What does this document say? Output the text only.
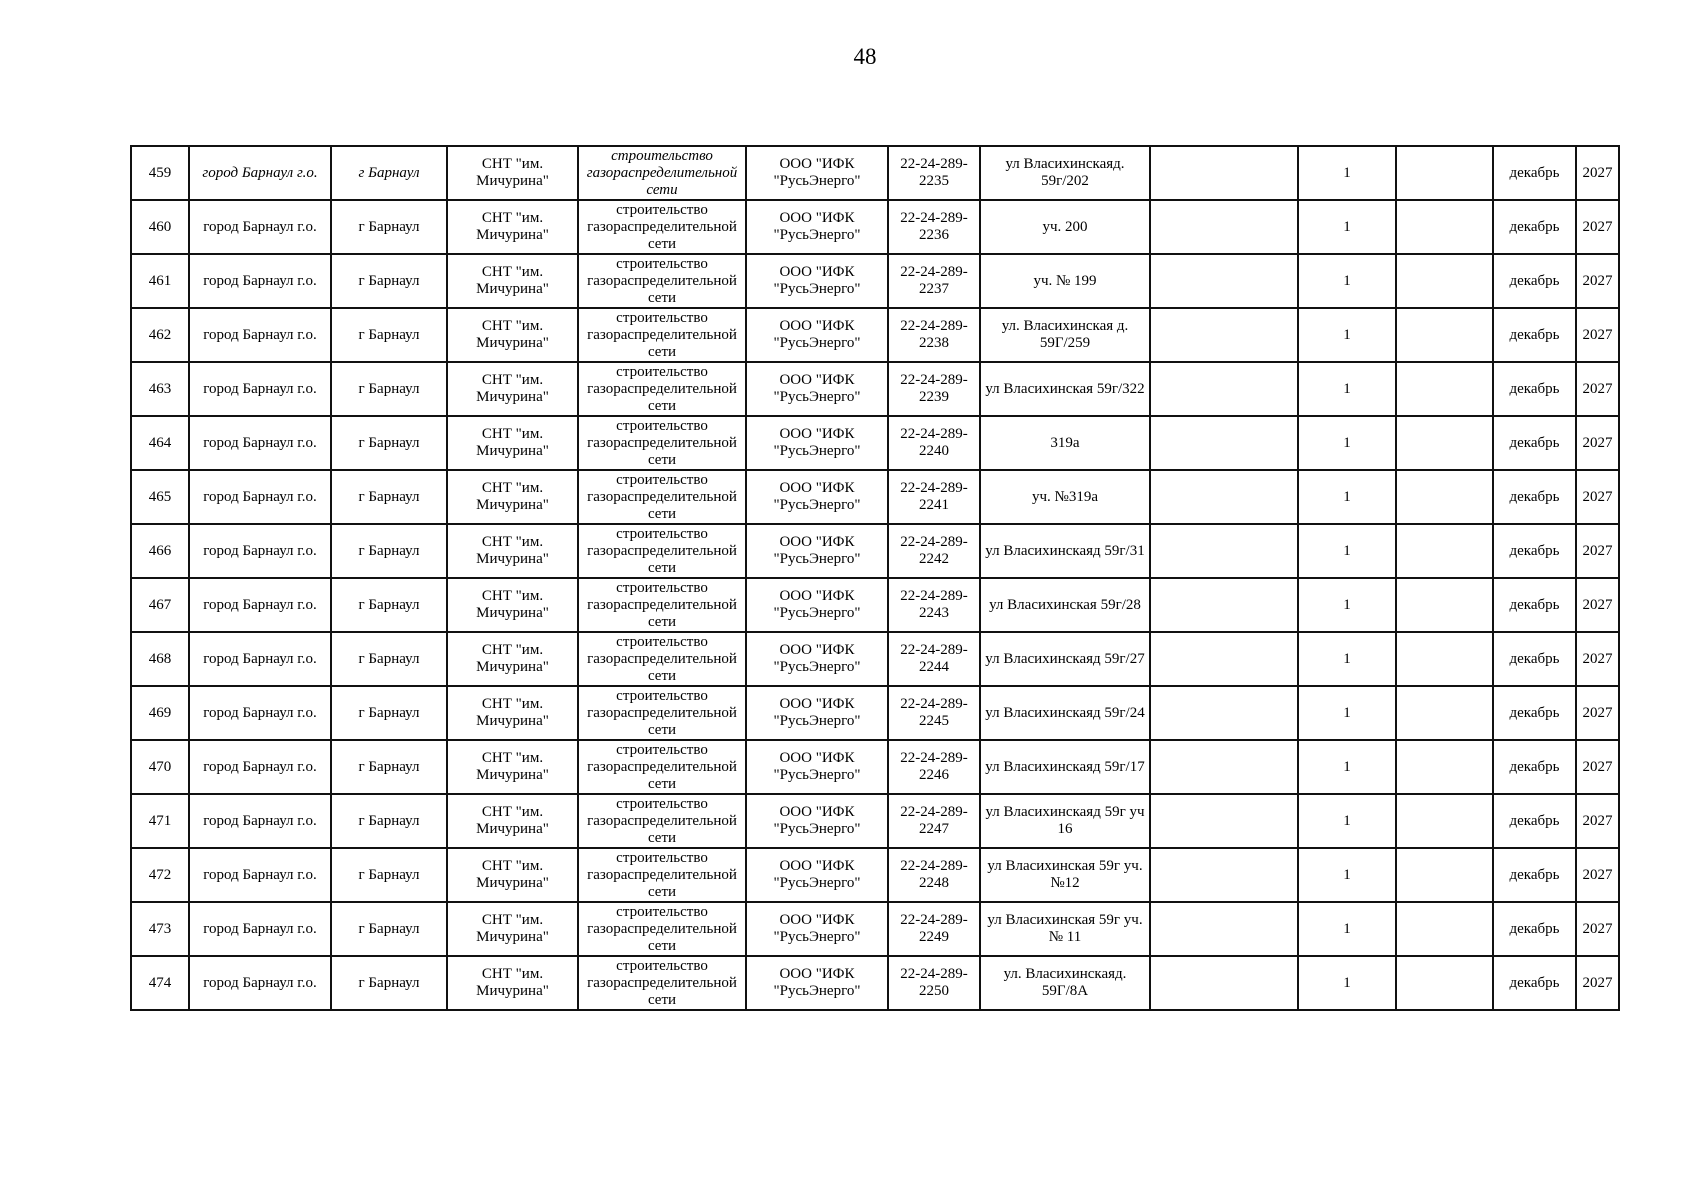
48
459	город Барнаул г.о.	г Барнаул	СНТ "им. Мичурина"	строительство газораспределительной сети	ООО "ИФК "РусьЭнерго"	22-24-289-2235	ул Власихинскаяд. 59г/202		1		декабрь	2027
460	город Барнаул г.о.	г Барнаул	СНТ "им. Мичурина"	строительство газораспределительной сети	ООО "ИФК "РусьЭнерго"	22-24-289-2236	уч. 200		1		декабрь	2027
461	город Барнаул г.о.	г Барнаул	СНТ "им. Мичурина"	строительство газораспределительной сети	ООО "ИФК "РусьЭнерго"	22-24-289-2237	уч. № 199		1		декабрь	2027
462	город Барнаул г.о.	г Барнаул	СНТ "им. Мичурина"	строительство газораспределительной сети	ООО "ИФК "РусьЭнерго"	22-24-289-2238	ул. Власихинская д. 59Г/259		1		декабрь	2027
463	город Барнаул г.о.	г Барнаул	СНТ "им. Мичурина"	строительство газораспределительной сети	ООО "ИФК "РусьЭнерго"	22-24-289-2239	ул Власихинская 59г/322		1		декабрь	2027
464	город Барнаул г.о.	г Барнаул	СНТ "им. Мичурина"	строительство газораспределительной сети	ООО "ИФК "РусьЭнерго"	22-24-289-2240	319а		1		декабрь	2027
465	город Барнаул г.о.	г Барнаул	СНТ "им. Мичурина"	строительство газораспределительной сети	ООО "ИФК "РусьЭнерго"	22-24-289-2241	уч. №319а		1		декабрь	2027
466	город Барнаул г.о.	г Барнаул	СНТ "им. Мичурина"	строительство газораспределительной сети	ООО "ИФК "РусьЭнерго"	22-24-289-2242	ул Власихинскаяд 59г/31		1		декабрь	2027
467	город Барнаул г.о.	г Барнаул	СНТ "им. Мичурина"	строительство газораспределительной сети	ООО "ИФК "РусьЭнерго"	22-24-289-2243	ул Власихинская 59г/28		1		декабрь	2027
468	город Барнаул г.о.	г Барнаул	СНТ "им. Мичурина"	строительство газораспределительной сети	ООО "ИФК "РусьЭнерго"	22-24-289-2244	ул Власихинскаяд 59г/27		1		декабрь	2027
469	город Барнаул г.о.	г Барнаул	СНТ "им. Мичурина"	строительство газораспределительной сети	ООО "ИФК "РусьЭнерго"	22-24-289-2245	ул Власихинскаяд 59г/24		1		декабрь	2027
470	город Барнаул г.о.	г Барнаул	СНТ "им. Мичурина"	строительство газораспределительной сети	ООО "ИФК "РусьЭнерго"	22-24-289-2246	ул Власихинскаяд 59г/17		1		декабрь	2027
471	город Барнаул г.о.	г Барнаул	СНТ "им. Мичурина"	строительство газораспределительной сети	ООО "ИФК "РусьЭнерго"	22-24-289-2247	ул Власихинскаяд 59г уч 16		1		декабрь	2027
472	город Барнаул г.о.	г Барнаул	СНТ "им. Мичурина"	строительство газораспределительной сети	ООО "ИФК "РусьЭнерго"	22-24-289-2248	ул Власихинская 59г уч. №12		1		декабрь	2027
473	город Барнаул г.о.	г Барнаул	СНТ "им. Мичурина"	строительство газораспределительной сети	ООО "ИФК "РусьЭнерго"	22-24-289-2249	ул Власихинская 59г уч. № 11		1		декабрь	2027
474	город Барнаул г.о.	г Барнаул	СНТ "им. Мичурина"	строительство газораспределительной сети	ООО "ИФК "РусьЭнерго"	22-24-289-2250	ул. Власихинскаяд. 59Г/8А		1		декабрь	2027
